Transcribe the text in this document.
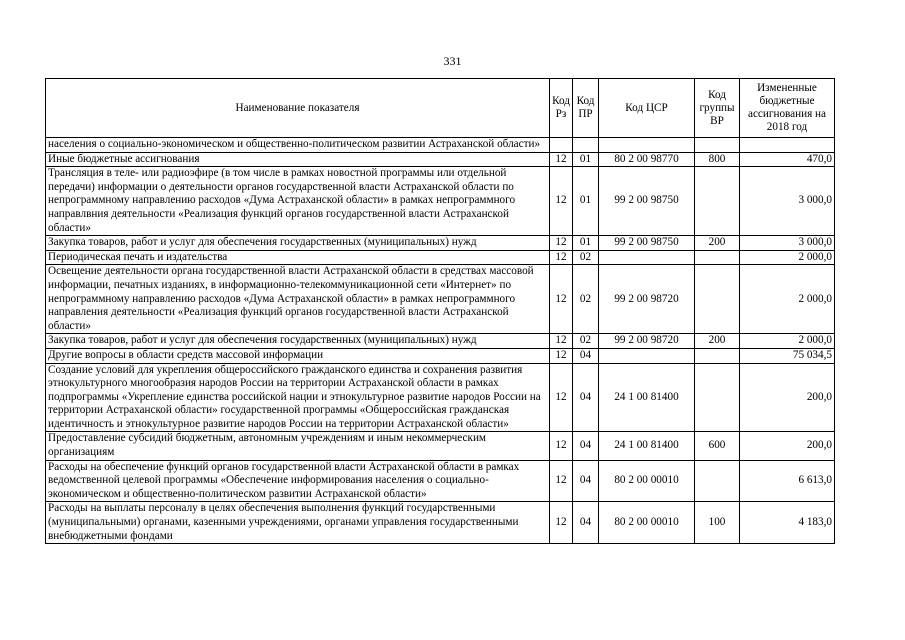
331
Наименование показателя	Код Рз	Код ПР	Код ЦСР	Код группы ВР	Измененные бюджетные ассигнования на 2018 год
населения о социально-экономическом и общественно-политическом развитии Астраханской области»					
Иные бюджетные ассигнования	12	01	80 2 00 98770	800	470,0
Трансляция в теле- или радиоэфире (в том числе в рамках новостной программы или отдельной передачи) информации о деятельности органов государственной власти Астраханской области по непрограммному направлению расходов «Дума Астраханской области» в рамках непрограммного направлвния деятельности «Реализация функций органов государственной власти Астраханской области»	12	01	99 2 00 98750		3 000,0
Закупка товаров, работ и услуг для обеспечения государственных (муниципальных) нужд	12	01	99 2 00 98750	200	3 000,0
Периодическая печать и издательства	12	02			2 000,0
Освещение деятельности органа государственной власти Астраханской области в средствах массовой информации, печатных изданиях, в информационно-телекоммуникационной сети «Интернет» по непрограммному направлению расходов «Дума Астраханской области» в рамках непрограммного направления деятельности «Реализация функций органов государственной власти Астраханской области»	12	02	99 2 00 98720		2 000,0
Закупка товаров, работ и услуг для обеспечения государственных (муниципальных) нужд	12	02	99 2 00 98720	200	2 000,0
Другие вопросы в области средств массовой информации	12	04			75 034,5
Создание условий для укрепления общероссийского гражданского единства и сохранения развития этнокультурного многообразия народов России на территории Астраханской области в рамках подпрограммы «Укрепление единства российской нации и этнокультурное развитие народов России на территории Астраханской области» государственной программы «Общероссийская гражданская идентичность и этнокультурное развитие народов России на территории Астраханской области»	12	04	24 1 00 81400		200,0
Предоставление субсидий бюджетным, автономным учреждениям и иным некоммерческим организациям	12	04	24 1 00 81400	600	200,0
Расходы на обеспечение функций органов государственной власти Астраханской области в рамках ведомственной целевой программы «Обеспечение информирования населения о социально-экономическом и общественно-политическом развитии Астраханской области»	12	04	80 2 00 00010		6 613,0
Расходы на выплаты персоналу в целях обеспечения выполнения функций государственными (муниципальными) органами, казенными учреждениями, органами управления государственными внебюджетными фондами	12	04	80 2 00 00010	100	4 183,0
